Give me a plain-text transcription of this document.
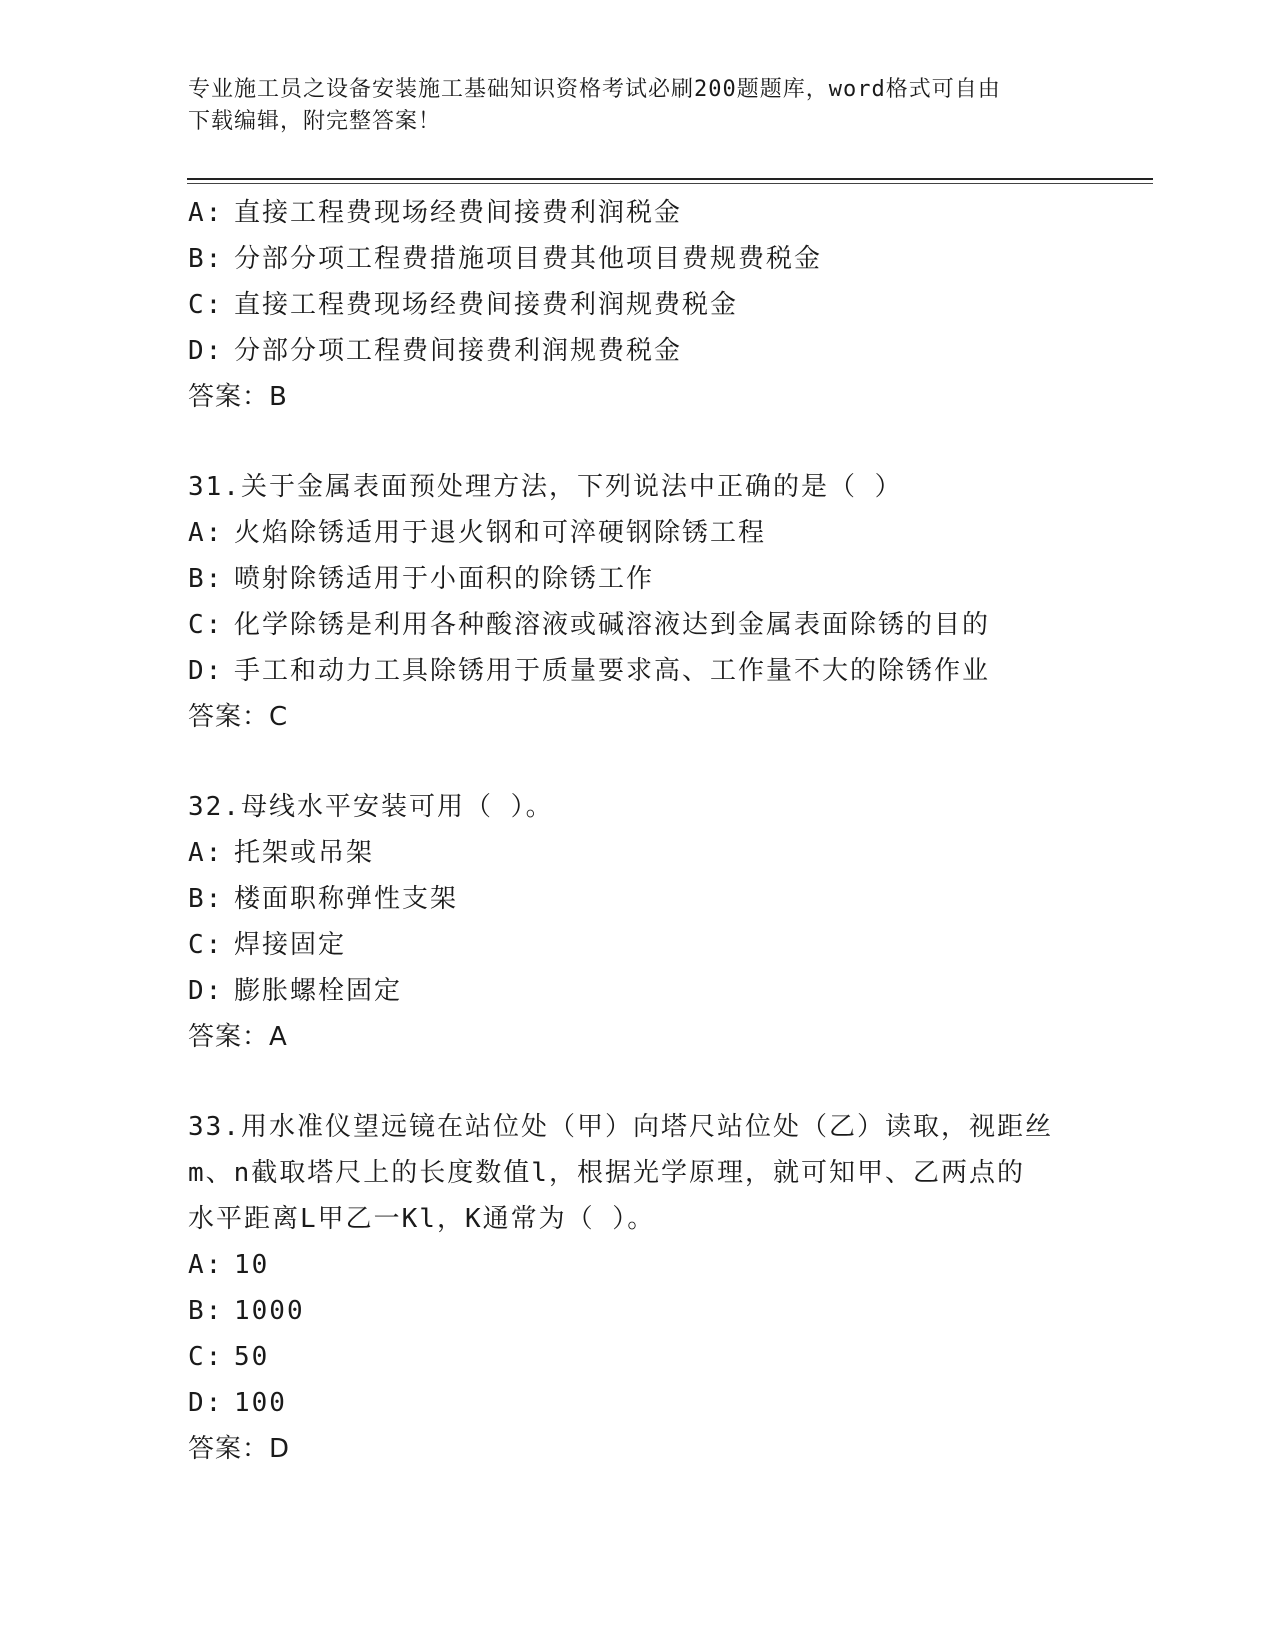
专业施工员之设备安装施工基础知识资格考试必刷200题题库，word格式可自由
下载编辑，附完整答案！
A: 直接工程费现场经费间接费利润税金
B: 分部分项工程费措施项目费其他项目费规费税金
C: 直接工程费现场经费间接费利润规费税金
D: 分部分项工程费间接费利润规费税金
答案：B
31.关于金属表面预处理方法，下列说法中正确的是（ ）
A: 火焰除锈适用于退火钢和可淬硬钢除锈工程
B: 喷射除锈适用于小面积的除锈工作
C: 化学除锈是利用各种酸溶液或碱溶液达到金属表面除锈的目的
D: 手工和动力工具除锈用于质量要求高、工作量不大的除锈作业
答案：C
32.母线水平安装可用（ ）。
A: 托架或吊架
B: 楼面职称弹性支架
C: 焊接固定
D: 膨胀螺栓固定
答案：A
33.用水准仪望远镜在站位处（甲）向塔尺站位处（乙）读取，视距丝
m、n截取塔尺上的长度数值l，根据光学原理，就可知甲、乙两点的
水平距离L甲乙一Kl，K通常为（ ）。
A: 10
B: 1000
C: 50
D: 100
答案：D
